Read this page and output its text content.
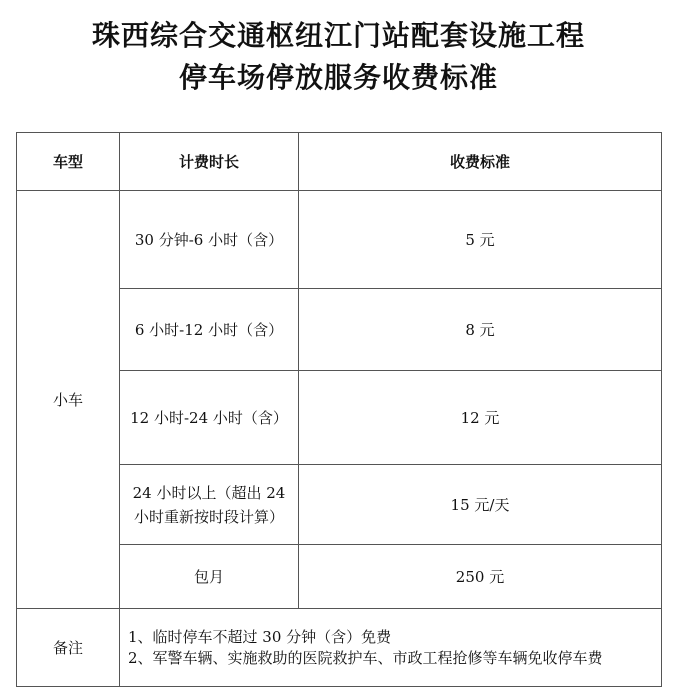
珠西综合交通枢纽江门站配套设施工程
停车场停放服务收费标准
车型	计费时长	收费标准
小车	30 分钟-6 小时（含）	5 元
	6 小时-12 小时（含）	8 元
	12 小时-24 小时（含）	12 元
	24 小时以上（超出 24 小时重新按时段计算）	15 元/天
	包月	250 元
备注	1、临时停车不超过 30 分钟（含）免费
2、军警车辆、实施救助的医院救护车、市政工程抢修等车辆免收停车费	
